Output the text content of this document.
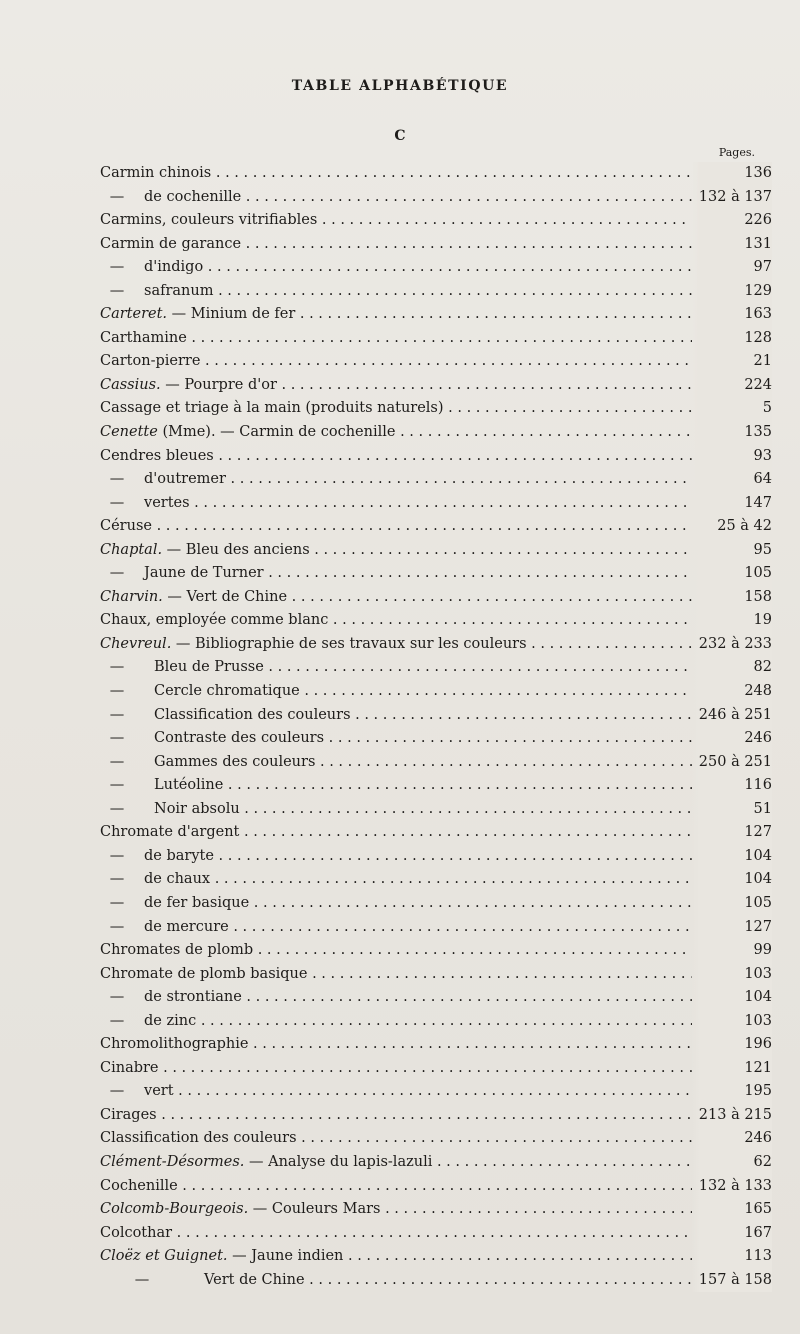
TABLE ALPHABÉTIQUE
C
Pages.
Carmin chinois . . .	136
— de cochenille . . .	132 à 137
Carmins, couleurs vitrifiables . . .	226
Carmin de garance . . .	131
— d'indigo . . .	97
— safranum . . .	129
Carteret. — Minium de fer . . .	163
Carthamine . . .	128
Carton-pierre . . .	21
Cassius. — Pourpre d'or . . .	224
Cassage et triage à la main (produits naturels) . . .	5
Cenette (Mme). — Carmin de cochenille . . .	135
Cendres bleues . . .	93
— d'outremer . . .	64
— vertes . . .	147
Céruse . . .	25 à 42
Chaptal. — Bleu des anciens . . .	95
— Jaune de Turner . . .	105
Charvin. — Vert de Chine . . .	158
Chaux, employée comme blanc . . .	19
Chevreul. — Bibliographie de ses travaux sur les couleurs . . .	232 à 233
— Bleu de Prusse . . .	82
— Cercle chromatique . . .	248
— Classification des couleurs . . .	246 à 251
— Contraste des couleurs . . .	246
— Gammes des couleurs . . .	250 à 251
— Lutéoline . . .	116
— Noir absolu . . .	51
Chromate d'argent . . .	127
— de baryte . . .	104
— de chaux . . .	104
— de fer basique . . .	105
— de mercure . . .	127
Chromates de plomb . . .	99
Chromate de plomb basique . . .	103
— de strontiane . . .	104
— de zinc . . .	103
Chromolithographie . . .	196
Cinabre . . .	121
— vert . . .	195
Cirages . . .	213 à 215
Classification des couleurs . . .	246
Clément-Désormes. — Analyse du lapis-lazuli . . .	62
Cochenille . . .	132 à 133
Colcomb-Bourgeois. — Couleurs Mars . . .	165
Colcothar . . .	167
Cloëz et Guignet. — Jaune indien . . .	113
—	Vert de Chine . . .	157 à 158
